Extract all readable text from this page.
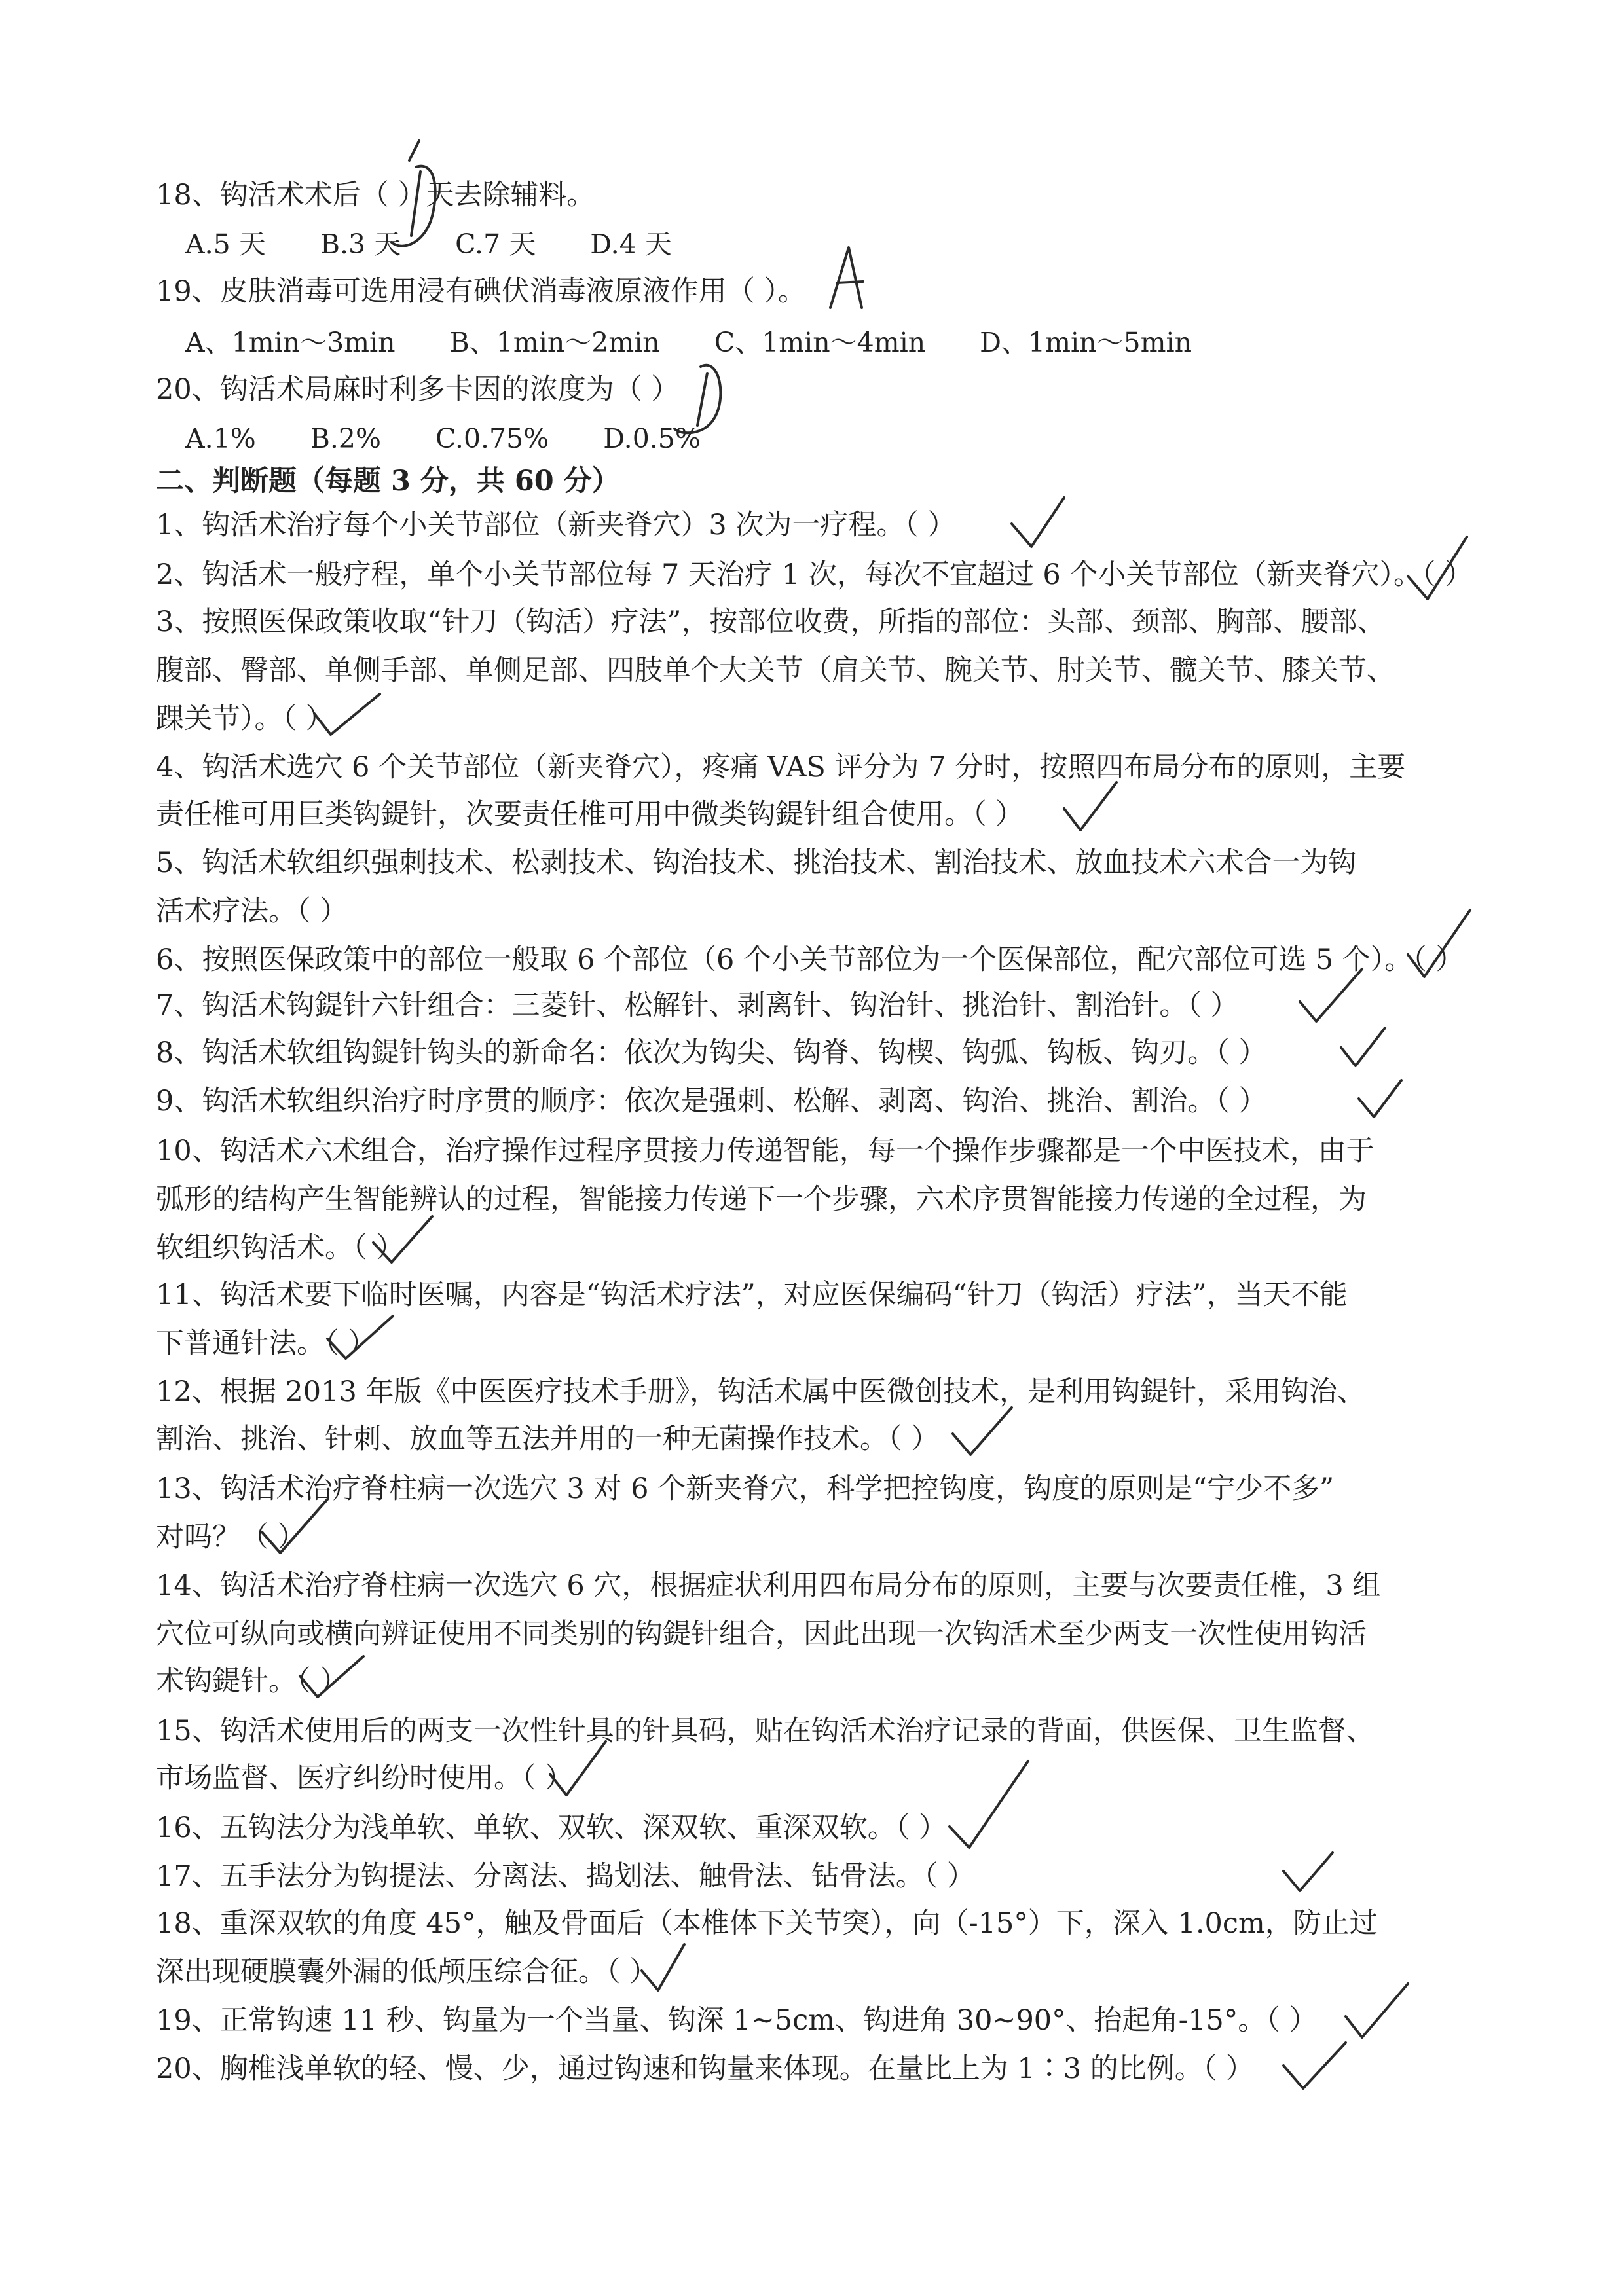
18、钩活术术后（ ）天去除辅料。
A.5 天 B.3 天 C.7 天 D.4 天
19、皮肤消毒可选用浸有碘伏消毒液原液作用（ ）。
A、1min～3min B、1min～2min C、1min～4min D、1min～5min
20、钩活术局麻时利多卡因的浓度为（ ）
A.1% B.2% C.0.75% D.0.5%
二、判断题（每题 3 分，共 60 分）
1、钩活术治疗每个小关节部位（新夹脊穴）3 次为一疗程。（ ）
2、钩活术一般疗程，单个小关节部位每 7 天治疗 1 次，每次不宜超过 6 个小关节部位（新夹脊穴）。（ ）
3、按照医保政策收取“针刀（钩活）疗法”，按部位收费，所指的部位：头部、颈部、胸部、腰部、
腹部、臀部、单侧手部、单侧足部、四肢单个大关节（肩关节、腕关节、肘关节、髋关节、膝关节、
踝关节）。（ ）
4、钩活术选穴 6 个关节部位（新夹脊穴），疼痛 VAS 评分为 7 分时，按照四布局分布的原则，主要
责任椎可用巨类钩鍉针，次要责任椎可用中微类钩鍉针组合使用。（ ）
5、钩活术软组织强刺技术、松剥技术、钩治技术、挑治技术、割治技术、放血技术六术合一为钩
活术疗法。（ ）
6、按照医保政策中的部位一般取 6 个部位（6 个小关节部位为一个医保部位，配穴部位可选 5 个）。（ ）
7、钩活术钩鍉针六针组合：三菱针、松解针、剥离针、钩治针、挑治针、割治针。（ ）
8、钩活术软组钩鍉针钩头的新命名：依次为钩尖、钩脊、钩楔、钩弧、钩板、钩刃。（ ）
9、钩活术软组织治疗时序贯的顺序：依次是强刺、松解、剥离、钩治、挑治、割治。（ ）
10、钩活术六术组合，治疗操作过程序贯接力传递智能，每一个操作步骤都是一个中医技术，由于
弧形的结构产生智能辨认的过程，智能接力传递下一个步骤，六术序贯智能接力传递的全过程，为
软组织钩活术。（ ）
11、钩活术要下临时医嘱，内容是“钩活术疗法”，对应医保编码“针刀（钩活）疗法”，当天不能
下普通针法。（ ）
12、根据 2013 年版《中医医疗技术手册》，钩活术属中医微创技术，是利用钩鍉针，采用钩治、
割治、挑治、针刺、放血等五法并用的一种无菌操作技术。（ ）
13、钩活术治疗脊柱病一次选穴 3 对 6 个新夹脊穴，科学把控钩度，钩度的原则是“宁少不多”
对吗？（ ）
14、钩活术治疗脊柱病一次选穴 6 穴，根据症状利用四布局分布的原则，主要与次要责任椎，3 组
穴位可纵向或横向辨证使用不同类别的钩鍉针组合，因此出现一次钩活术至少两支一次性使用钩活
术钩鍉针。（ ）
15、钩活术使用后的两支一次性针具的针具码，贴在钩活术治疗记录的背面，供医保、卫生监督、
市场监督、医疗纠纷时使用。（ ）
16、五钩法分为浅单软、单软、双软、深双软、重深双软。（ ）
17、五手法分为钩提法、分离法、捣划法、触骨法、钻骨法。（ ）
18、重深双软的角度 45°，触及骨面后（本椎体下关节突），向（-15°）下，深入 1.0cm，防止过
深出现硬膜囊外漏的低颅压综合征。（ ）
19、正常钩速 11 秒、钩量为一个当量、钩深 1~5cm、钩进角 30~90°、抬起角-15°。（ ）
20、胸椎浅单软的轻、慢、少，通过钩速和钩量来体现。在量比上为 1∶3 的比例。（ ）
